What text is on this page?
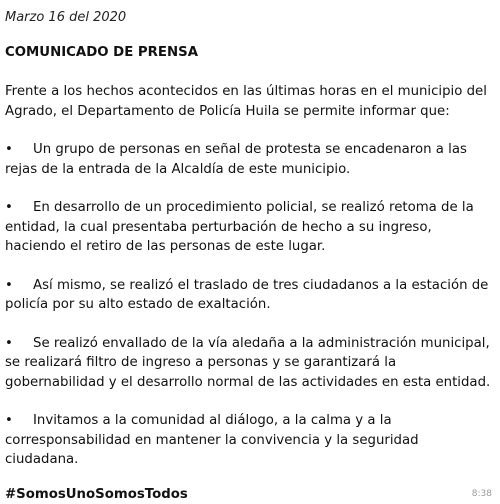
Marzo 16 del 2020

COMUNICADO DE PRENSA

Frente a los hechos acontecidos en las últimas horas en el municipio del Agrado, el Departamento de Policía Huila se permite informar que:

• Un grupo de personas en señal de protesta se encadenaron a las rejas de la entrada de la Alcaldía de este municipio.
• En desarrollo de un procedimiento policial, se realizó retoma de la entidad, la cual presentaba perturbación de hecho a su ingreso, haciendo el retiro de las personas de este lugar.
• Así mismo, se realizó el traslado de tres ciudadanos a la estación de policía por su alto estado de exaltación.
• Se realizó envallado de la vía aledaña a la administración municipal, se realizará filtro de ingreso a personas y se garantizará la gobernabilidad y el desarrollo normal de las actividades en esta entidad.
• Invitamos a la comunidad al diálogo, a la calma y a la corresponsabilidad en mantener la convivencia y la seguridad ciudadana.

#SomosUnoSomosTodos	8:38
